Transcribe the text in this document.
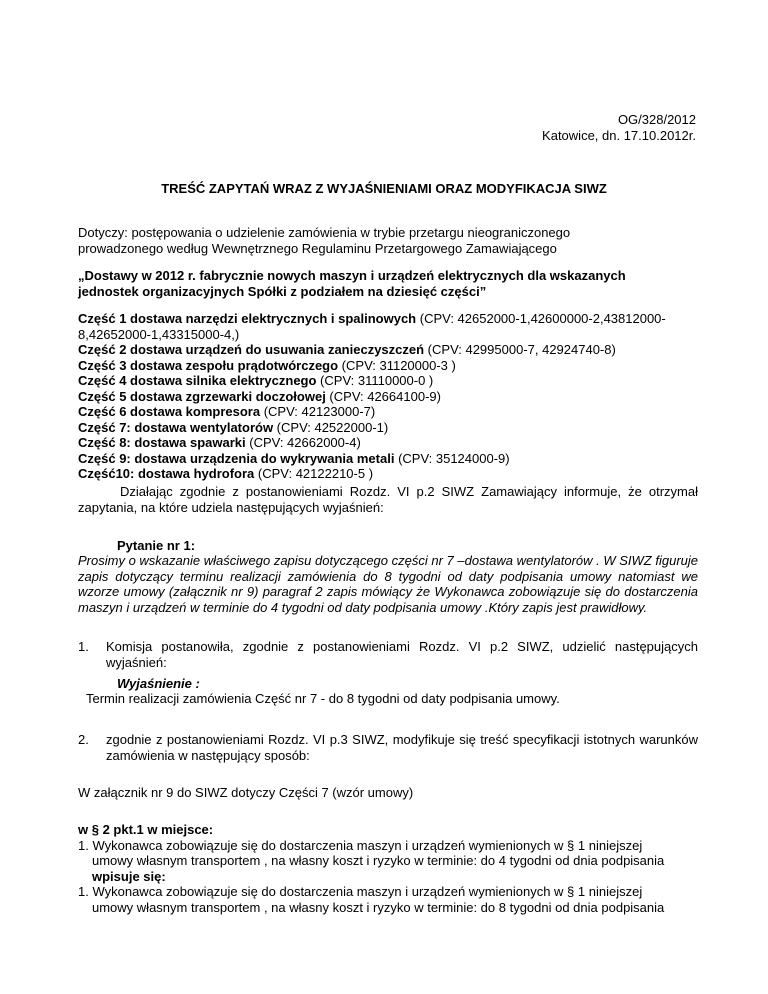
OG/328/2012
Katowice, dn. 17.10.2012r.
TREŚĆ ZAPYTAŃ WRAZ Z WYJAŚNIENIAMI ORAZ MODYFIKACJA SIWZ

Dotyczy: postępowania o udzielenie zamówienia w trybie przetargu nieograniczonego

prowadzonego według Wewnętrznego Regulaminu Przetargowego Zamawiającego

„Dostawy w 2012 r. fabrycznie nowych maszyn i urządzeń elektrycznych dla wskazanych

jednostek organizacyjnych Spółki z podziałem na dziesięć części”

Część 1 dostawa narzędzi elektrycznych i spalinowych (CPV: 42652000-1,42600000-2,43812000-

8,42652000-1,43315000-4,)

Część 2 dostawa urządzeń do usuwania zanieczyszczeń (CPV: 42995000-7, 42924740-8)

Część 3 dostawa zespołu prądotwórczego (CPV: 31120000-3 )

Część 4 dostawa silnika elektrycznego (CPV: 31110000-0 )

Część 5 dostawa zgrzewarki doczołowej (CPV: 42664100-9)

Część 6 dostawa kompresora (CPV: 42123000-7)

Część 7: dostawa wentylatorów (CPV: 42522000-1)

Część 8: dostawa spawarki (CPV: 42662000-4)

Część 9: dostawa urządzenia do wykrywania metali (CPV: 35124000-9)

Część10: dostawa hydrofora (CPV: 42122210-5 )

Działając zgodnie z postanowieniami Rozdz. VI p.2 SIWZ Zamawiający informuje, że otrzymał zapytania, na które udziela następujących wyjaśnień:
Pytanie nr 1:
Prosimy o wskazanie właściwego zapisu dotyczącego części nr 7 –dostawa wentylatorów . W SIWZ figuruje zapis dotyczący terminu realizacji zamówienia do 8 tygodni od daty podpisania umowy natomiast we wzorze umowy (załącznik nr 9) paragraf 2 zapis mówiący że Wykonawca zobowiązuje się do dostarczenia maszyn i urządzeń w terminie do 4 tygodni od daty podpisania umowy .Który zapis jest prawidłowy.
1. Komisja postanowiła, zgodnie z postanowieniami Rozdz. VI p.2 SIWZ, udzielić następujących wyjaśnień:

Wyjaśnienie :
Termin realizacji zamówienia Część nr 7 - do 8 tygodni od daty podpisania umowy.
2. zgodnie z postanowieniami Rozdz. VI p.3 SIWZ, modyfikuje się treść specyfikacji istotnych warunków zamówienia w następujący sposób:

W załącznik nr 9 do SIWZ dotyczy Części 7 (wzór umowy)

w § 2 pkt.1 w miejsce:

1. Wykonawca zobowiązuje się do dostarczenia maszyn i urządzeń wymienionych w § 1 niniejszej

umowy własnym transportem , na własny koszt i ryzyko w terminie: do 4 tygodni od dnia podpisania

wpisuje się:

1. Wykonawca zobowiązuje się do dostarczenia maszyn i urządzeń wymienionych w § 1 niniejszej

umowy własnym transportem , na własny koszt i ryzyko w terminie: do 8 tygodni od dnia podpisania
